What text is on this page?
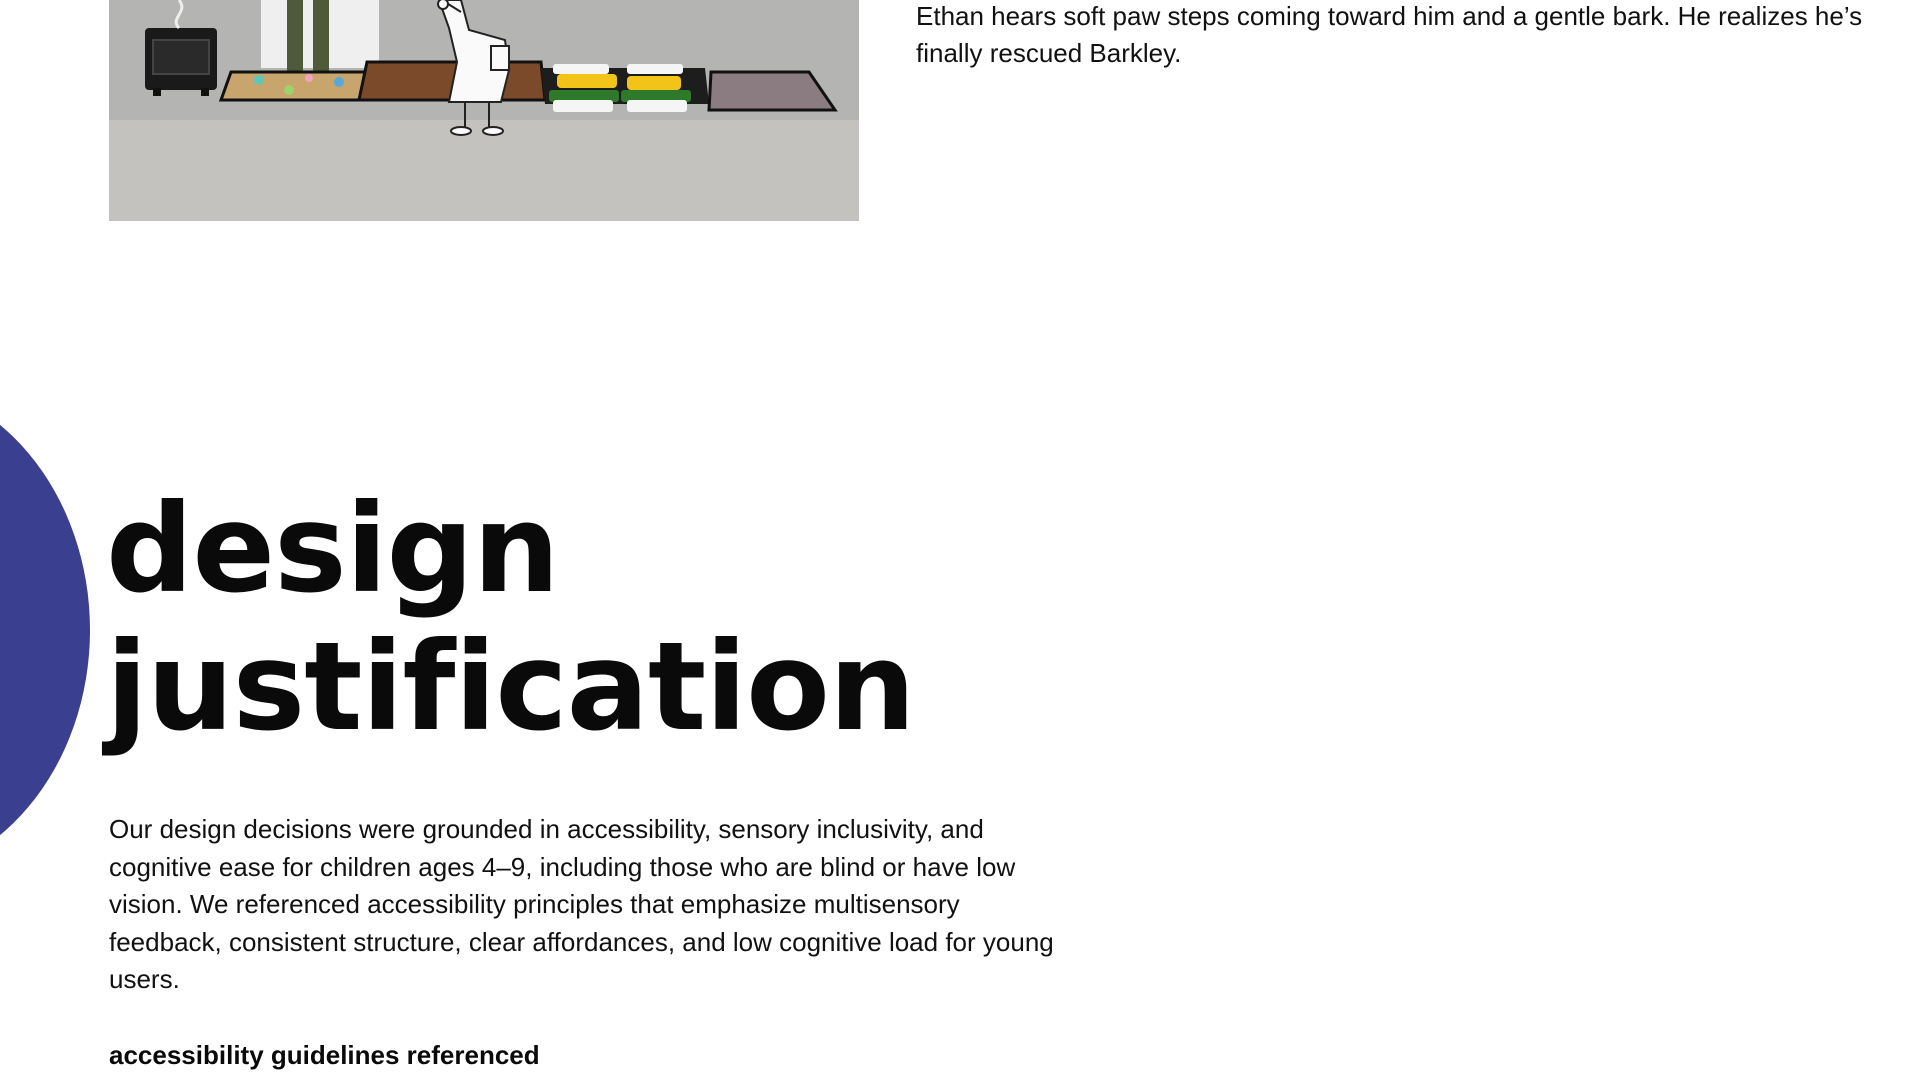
Ethan hears soft paw steps coming toward him and a gentle bark. He realizes he’s finally rescued Barkley.

design
justification

Our design decisions were grounded in accessibility, sensory inclusivity, and cognitive ease for children ages 4–9, including those who are blind or have low vision. We referenced accessibility principles that emphasize multisensory feedback, consistent structure, clear affordances, and low cognitive load for young users.

accessibility guidelines referenced
